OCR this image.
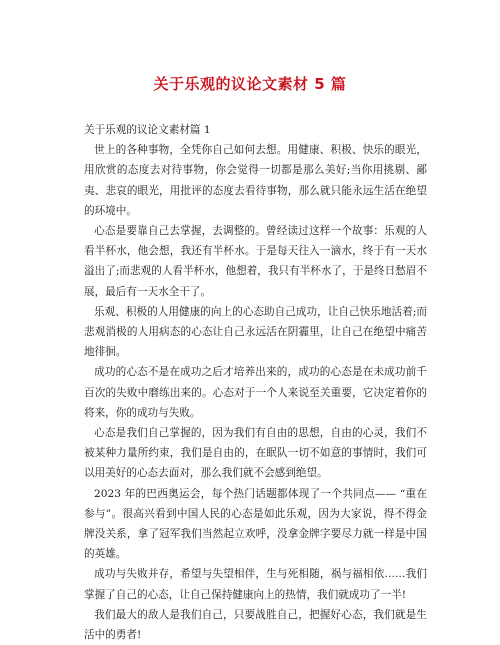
关于乐观的议论文素材 5 篇

关于乐观的议论文素材篇 1

世上的各种事物，全凭你自己如何去想。用健康、积极、快乐的眼光，用欣赏的态度去对待事物，你会觉得一切都是那么美好;当你用挑剔、鄙夷、悲哀的眼光，用批评的态度去看待事物，那么就只能永远生活在绝望的环境中。

心态是要靠自己去掌握，去调整的。曾经读过这样一个故事：乐观的人看半杯水，他会想，我还有半杯水。于是每天往入一滴水，终于有一天水溢出了;而悲观的人看半杯水，他想着，我只有半杯水了，于是终日愁眉不展，最后有一天水全干了。

乐观、积极的人用健康的向上的心态助自己成功，让自己快乐地活着;而悲观消极的人用病态的心态让自己永远活在阴霾里，让自己在绝望中痛苦地徘徊。

成功的心态不是在成功之后才培养出来的，成功的心态是在未成功前千百次的失败中磨练出来的。心态对于一个人来说至关重要，它决定着你的将来，你的成功与失败。

心态是我们自己掌握的，因为我们有自由的思想，自由的心灵，我们不被某种力量所约束，我们是自由的，在眠队一切不如意的事情时，我们可以用美好的心态去面对，那么我们就不会感到绝望。

2023 年的巴西奥运会，每个热门话题都体现了一个共同点—— “重在参与”。很高兴看到中国人民的心态是如此乐观，因为大家说，得不得金牌没关系，拿了冠军我们当然起立欢呼，没拿金牌字要尽力就一样是中国的英雄。

成功与失败并存，希望与失望相伴，生与死相随，祸与福相依……我们掌握了自己的心态，让自己保持健康向上的热情，我们就成功了一半!

我们最大的敌人是我们自己，只要战胜自己，把握好心态，我们就是生活中的勇者!
